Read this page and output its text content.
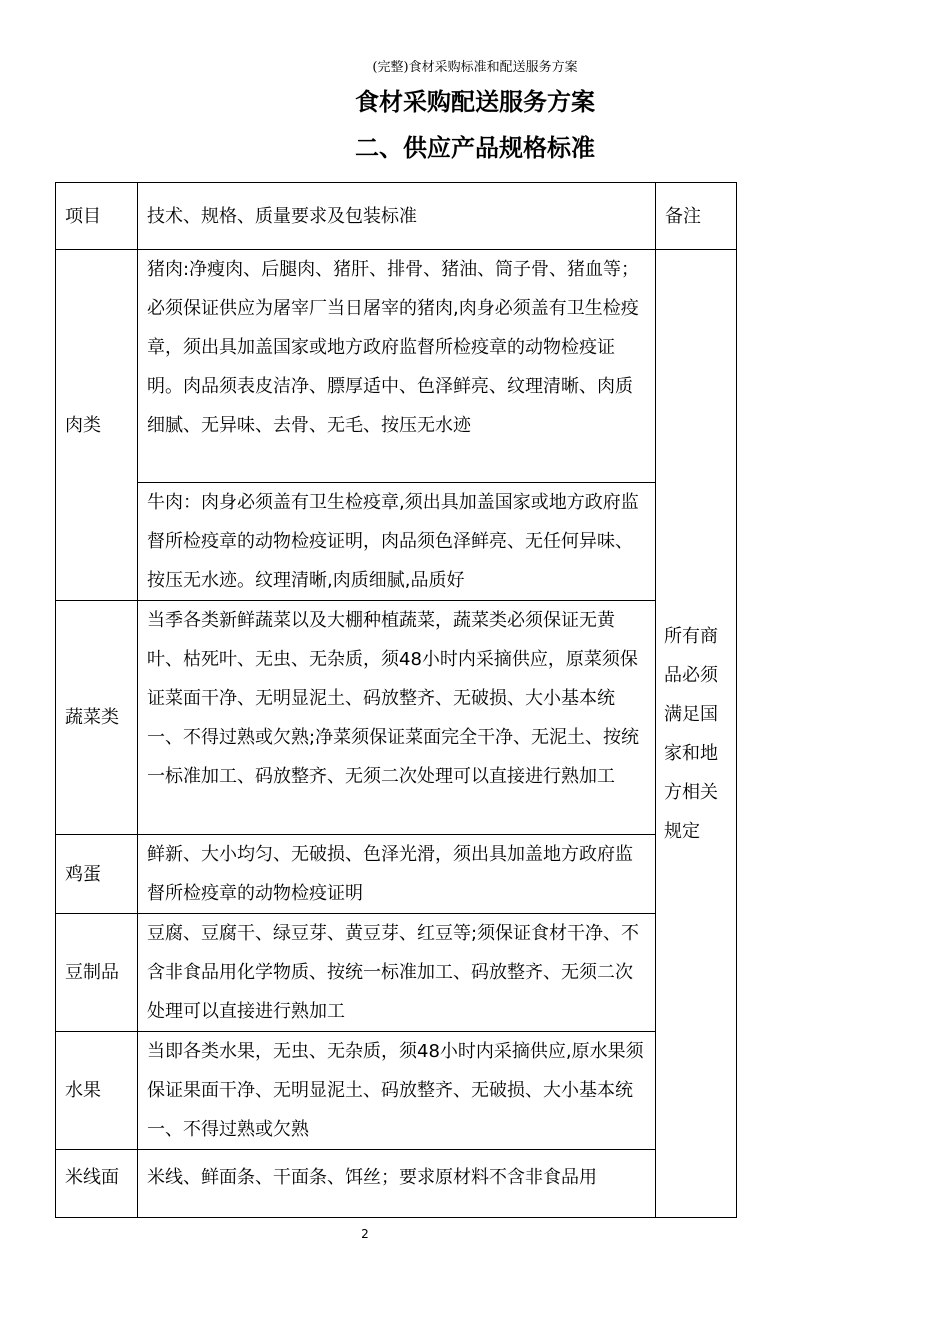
(完整)食材采购标准和配送服务方案
食材采购配送服务方案
二、供应产品规格标准
项目	技术、规格、质量要求及包装标准	备注
肉类	猪肉:净瘦肉、后腿肉、猪肝、排骨、猪油、筒子骨、猪血等；必须保证供应为屠宰厂当日屠宰的猪肉,肉身必须盖有卫生检疫章，须出具加盖国家或地方政府监督所检疫章的动物检疫证明。肉品须表皮洁净、膘厚适中、色泽鲜亮、纹理清晰、肉质细腻、无异味、去骨、无毛、按压无水迹	所有商品必须满足国家和地方相关规定
	牛肉：肉身必须盖有卫生检疫章,须出具加盖国家或地方政府监督所检疫章的动物检疫证明，肉品须色泽鲜亮、无任何异味、按压无水迹。纹理清晰,肉质细腻,品质好	
蔬菜类	当季各类新鲜蔬菜以及大棚种植蔬菜，蔬菜类必须保证无黄叶、枯死叶、无虫、无杂质，须48小时内采摘供应，原菜须保证菜面干净、无明显泥土、码放整齐、无破损、大小基本统一、不得过熟或欠熟;净菜须保证菜面完全干净、无泥土、按统一标准加工、码放整齐、无须二次处理可以直接进行熟加工	
鸡蛋	鲜新、大小均匀、无破损、色泽光滑，须出具加盖地方政府监督所检疫章的动物检疫证明	
豆制品	豆腐、豆腐干、绿豆芽、黄豆芽、红豆等;须保证食材干净、不含非食品用化学物质、按统一标准加工、码放整齐、无须二次处理可以直接进行熟加工	
水果	当即各类水果，无虫、无杂质，须48小时内采摘供应,原水果须保证果面干净、无明显泥土、码放整齐、无破损、大小基本统一、不得过熟或欠熟	
米线面	米线、鲜面条、干面条、饵丝；要求原材料不含非食品用	
2
